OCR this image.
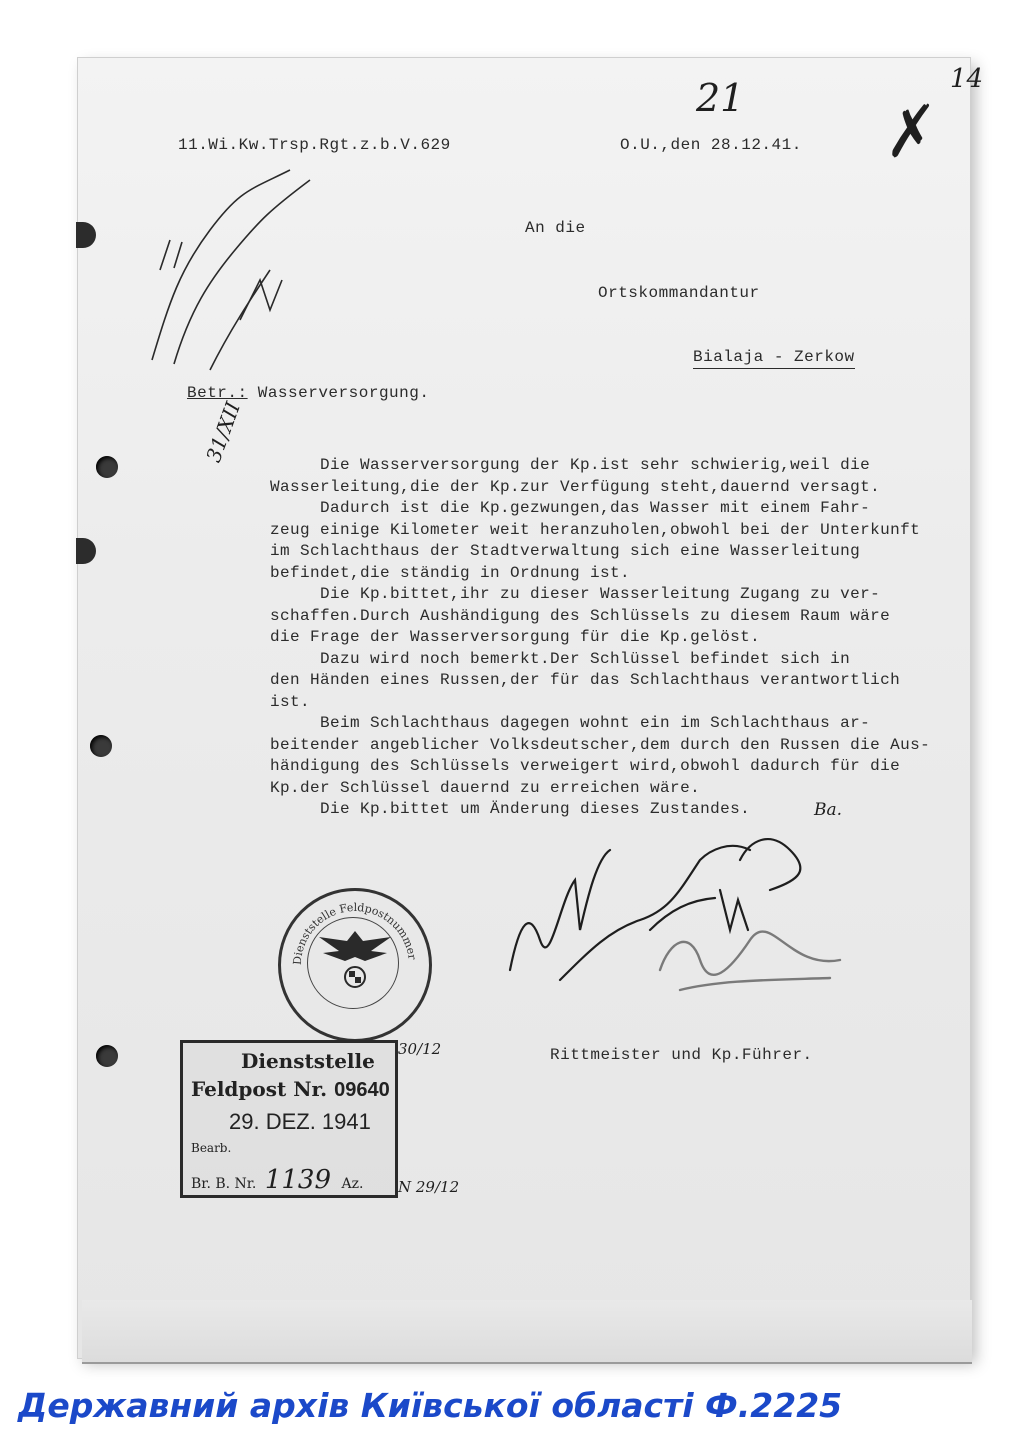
11.Wi.Kw.Trsp.Rgt.z.b.V.629	O.U.,den 28.12.41.
21	14
✗
An die
Ortskommandantur
Bialaja - Zerkow
Betr.: Wasserversorgung.
31/XII Die Wasserversorgung der Kp.ist sehr schwierig,weil die
Wasserleitung,die der Kp.zur Verfügung steht,dauernd versagt.
Dadurch ist die Kp.gezwungen,das Wasser mit einem Fahr-
zeug einige Kilometer weit heranzuholen,obwohl bei der Unterkunft
im Schlachthaus der Stadtverwaltung sich eine Wasserleitung
befindet,die ständig in Ordnung ist.
Die Kp.bittet,ihr zu dieser Wasserleitung Zugang zu ver-
schaffen.Durch Aushändigung des Schlüssels zu diesem Raum wäre
die Frage der Wasserversorgung für die Kp.gelöst.
Dazu wird noch bemerkt.Der Schlüssel befindet sich in
den Händen eines Russen,der für das Schlachthaus verantwortlich
ist.
Beim Schlachthaus dagegen wohnt ein im Schlachthaus ar-
beitender angeblicher Volksdeutscher,dem durch den Russen die Aus-
händigung des Schlüssels verweigert wird,obwohl dadurch für die
Kp.der Schlüssel dauernd zu erreichen wäre.
Die Kp.bittet um Änderung dieses Zustandes.	Ba.
Dienststelle Feldpostnummer
30/12
Dienststelle
Feldpost Nr. 09640
29. DEZ. 1941
Bearb.
Br. B. Nr. 1139 Az. N 29/12
Rittmeister und Kp.Führer.
Державний архів Київської області Ф.2225
